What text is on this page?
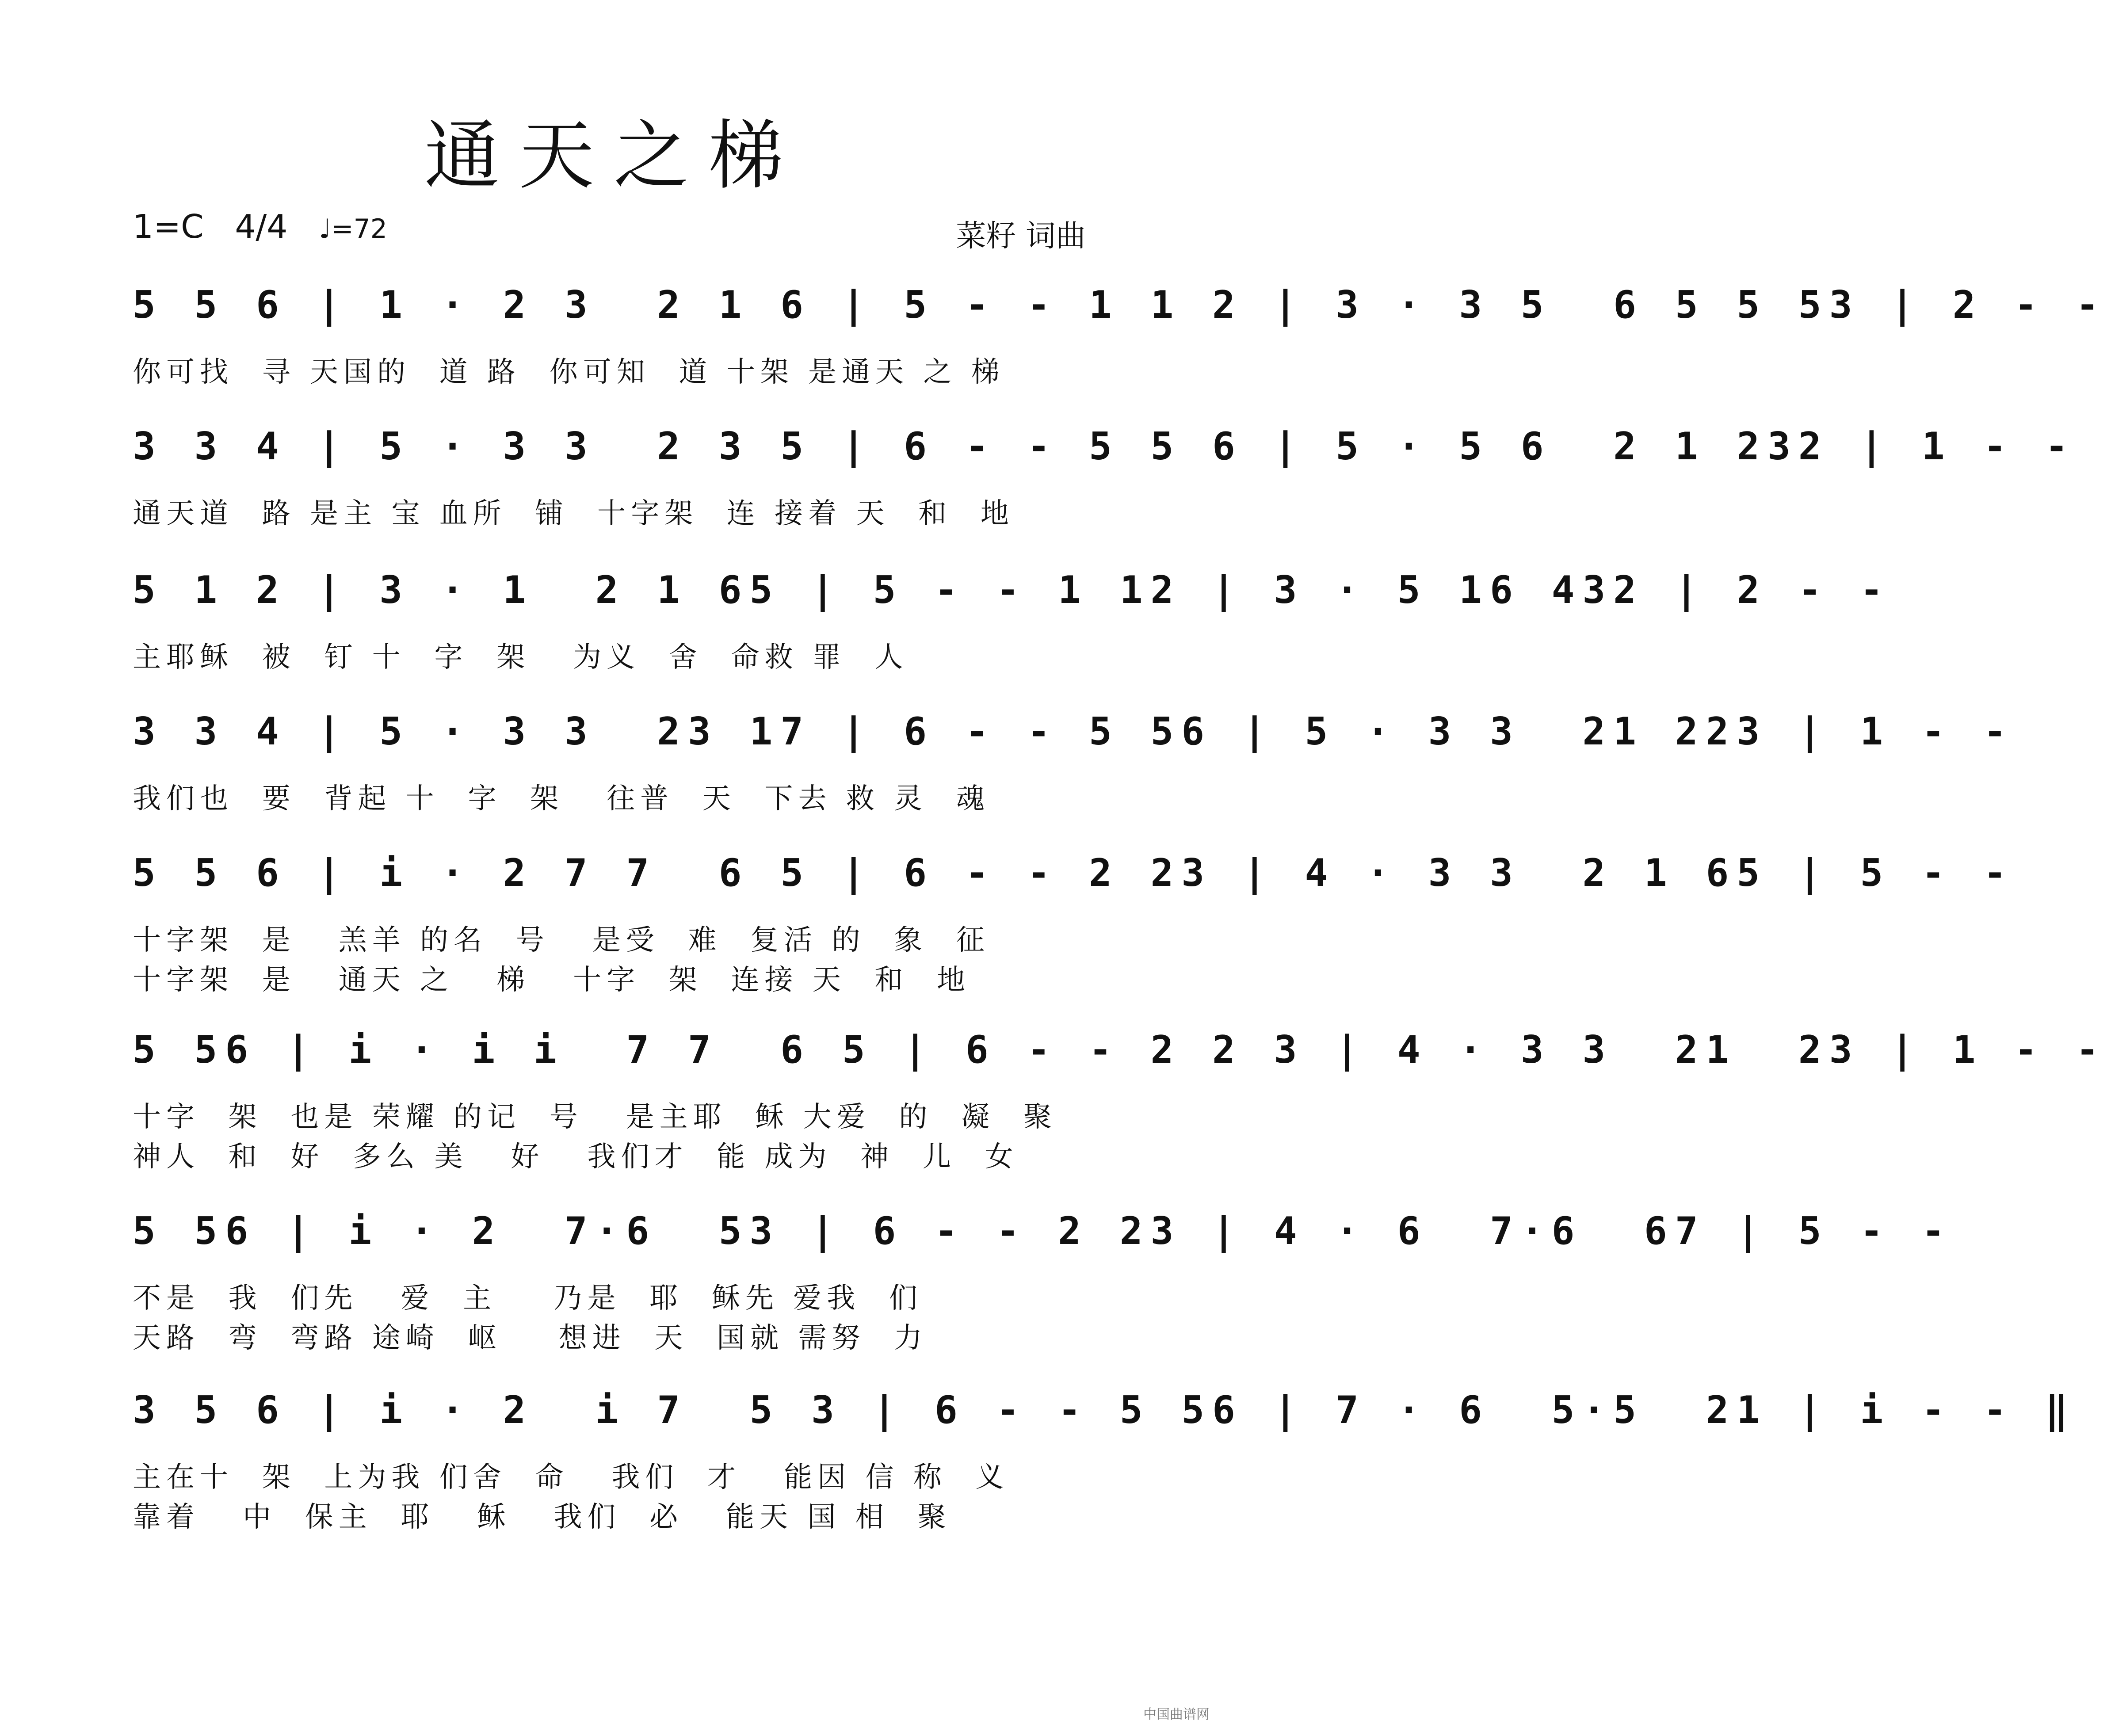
通天之梯
1=C 4/4 ♩=72	菜籽 词曲
5 5 6 | 1 · 2 3  2 1 6 | 5 - - 1 1 2 | 3 · 3 5  6 5 5 53 | 2 - -
你可找  寻 天国的  道 路  你可知  道 十架 是通天 之 梯
3 3 4 | 5 · 3 3  2 3 5 | 6 - - 5 5 6 | 5 · 5 6  2 1 232 | 1 - -
通天道  路 是主 宝 血所  铺  十字架  连 接着 天  和  地
5 1 2 | 3 · 1  2 1 65 | 5 - - 1 12 | 3 · 5 16 432 | 2 - -
主耶稣  被  钉 十  字  架   为义  舍  命救 罪  人
3 3 4 | 5 · 3 3  23 17 | 6 - - 5 56 | 5 · 3 3  21 223 | 1 - -
我们也  要  背起 十  字  架   往普  天  下去 救 灵  魂
5 5 6 | i · 2 7 7  6 5 | 6 - - 2 23 | 4 · 3 3  2 1 65 | 5 - -
十字架  是   羔羊 的名  号   是受  难  复活 的  象  征
十字架  是   通天 之   梯   十字  架  连接 天  和  地
5 56 | i · i i  7 7  6 5 | 6 - - 2 2 3 | 4 · 3 3  21  23 | 1 - -
十字  架  也是 荣耀 的记  号   是主耶  稣 大爱  的  凝  聚
神人  和  好  多么 美   好   我们才  能 成为  神  儿  女
5 56 | i · 2  7·6  53 | 6 - - 2 23 | 4 · 6  7·6  67 | 5 - -
不是  我  们先   爱  主    乃是  耶  稣先 爱我  们
天路  弯  弯路 途崎  岖    想进  天  国就 需努  力
3 5 6 | i · 2  i 7  5 3 | 6 - - 5 56 | 7 · 6  5·5  21 | i - - ‖
主在十  架  上为我 们舍  命   我们  才   能因 信 称  义
靠着   中  保主  耶   稣   我们  必   能天 国 相  聚
中国曲谱网
